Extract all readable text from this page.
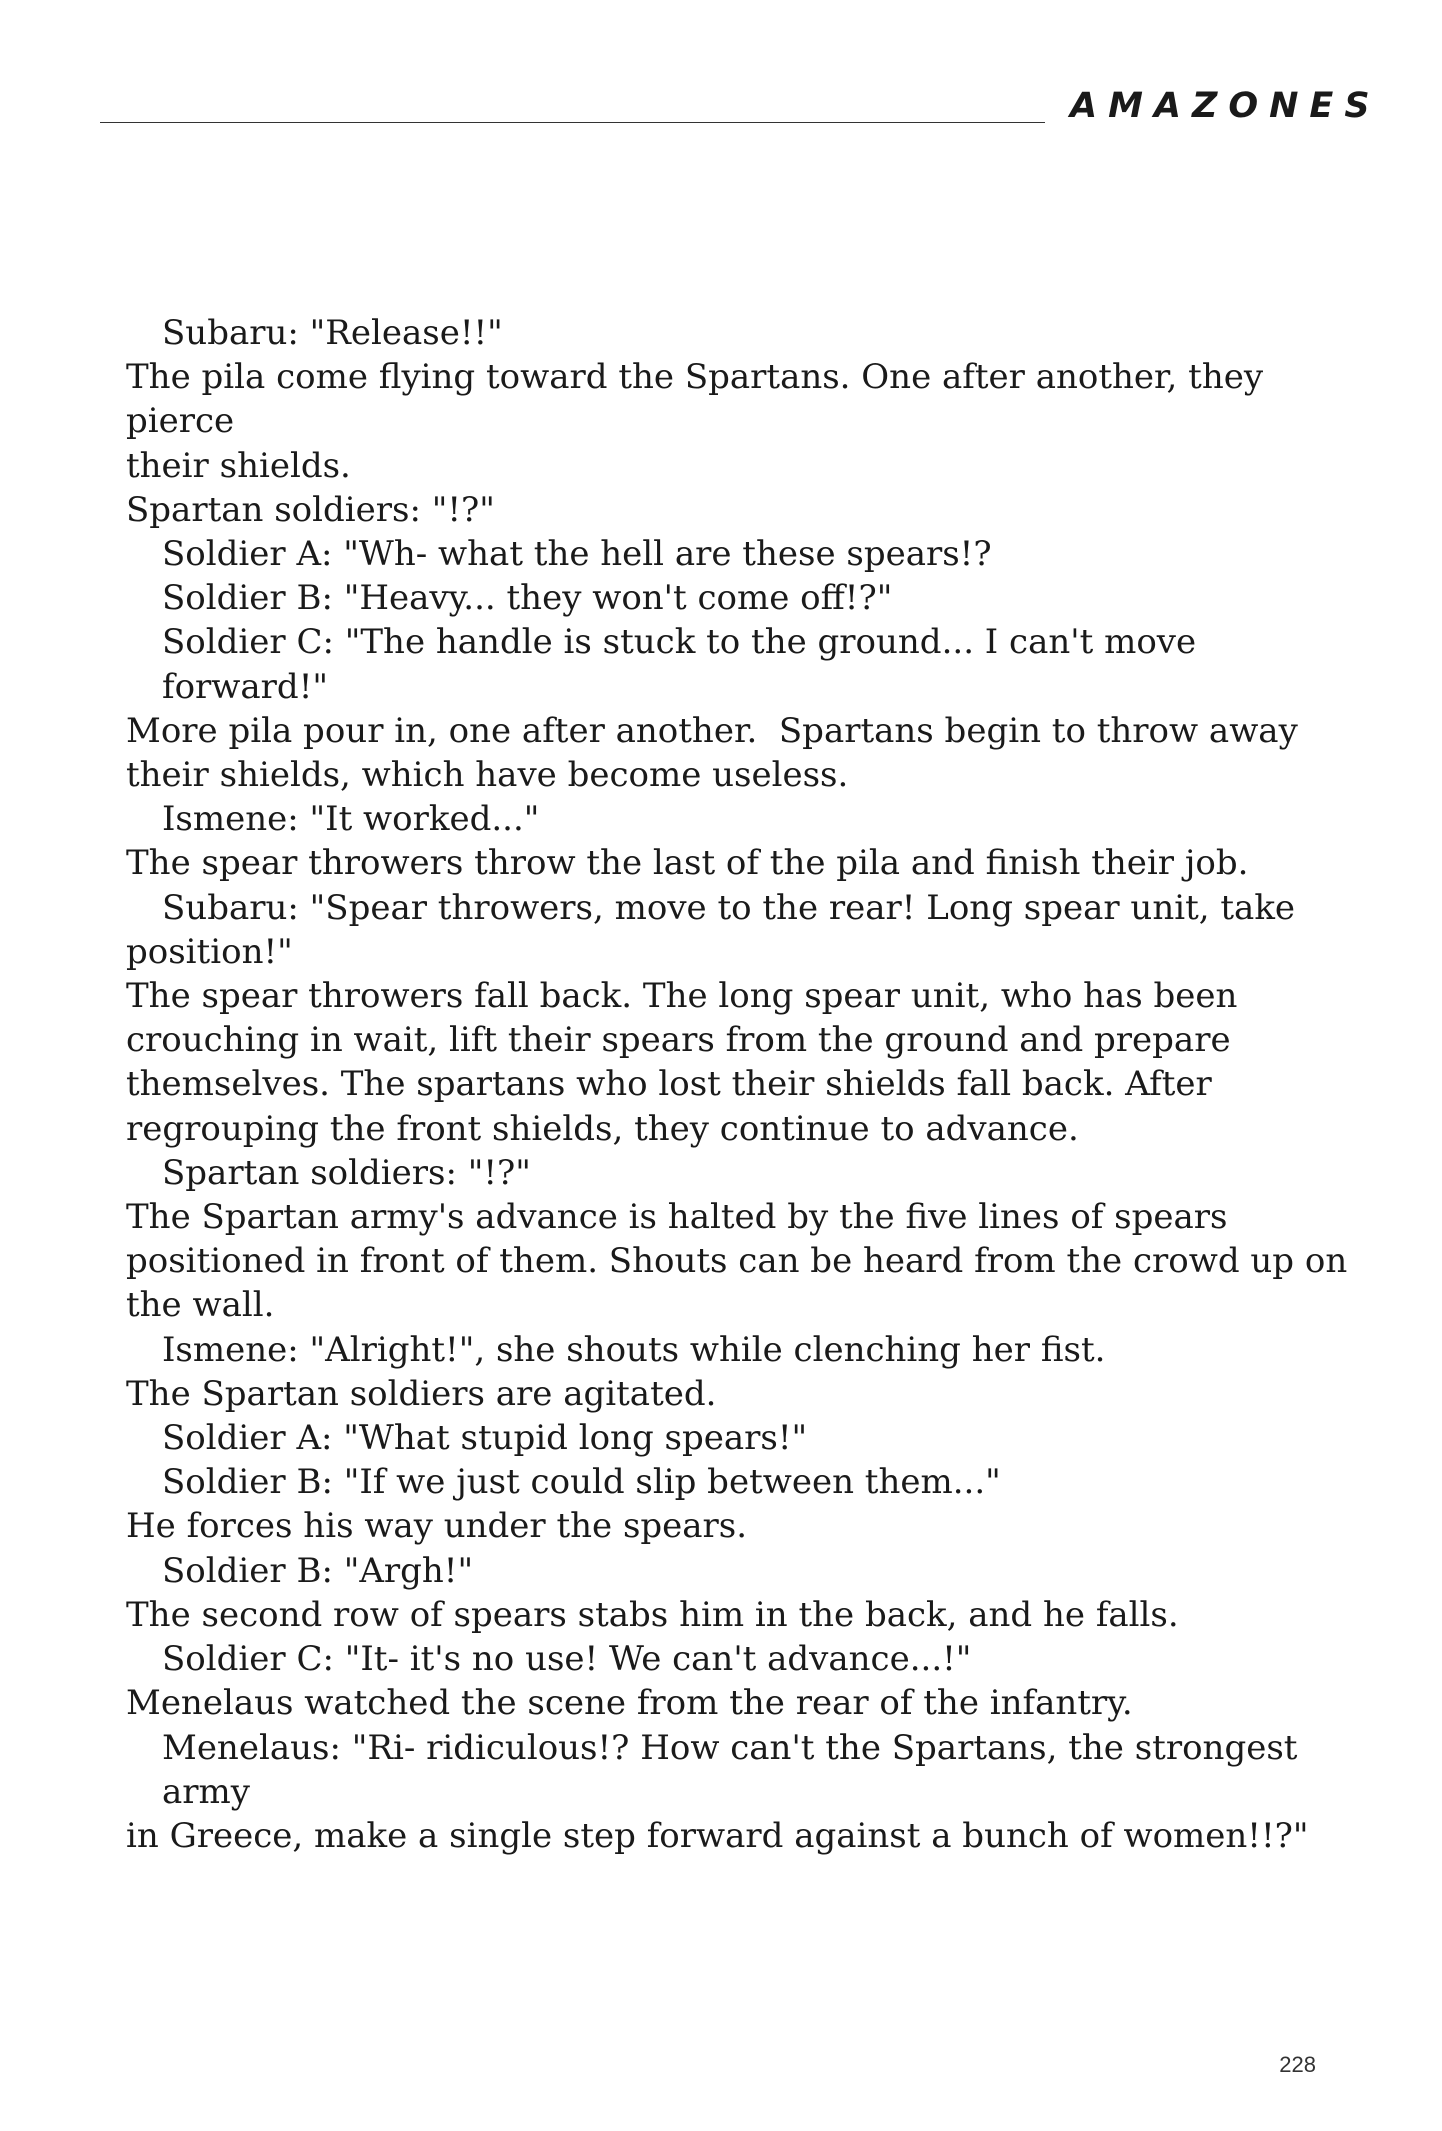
AMAZONES

Subaru: "Release!!"

The pila come flying toward the Spartans. One after another, they pierce

their shields.

Spartan soldiers: "!?"

Soldier A: "Wh- what the hell are these spears!?

Soldier B: "Heavy... they won't come off!?"

Soldier C: "The handle is stuck to the ground... I can't move forward!"

More pila pour in, one after another.  Spartans begin to throw away

their shields, which have become useless.

Ismene: "It worked..."

The spear throwers throw the last of the pila and finish their job.

Subaru: "Spear throwers, move to the rear! Long spear unit, take

position!"

The spear throwers fall back. The long spear unit, who has been

crouching in wait, lift their spears from the ground and prepare

themselves. The spartans who lost their shields fall back. After

regrouping the front shields, they continue to advance.

Spartan soldiers: "!?"

The Spartan army's advance is halted by the five lines of spears

positioned in front of them. Shouts can be heard from the crowd up on

the wall.

Ismene: "Alright!", she shouts while clenching her fist.

The Spartan soldiers are agitated.

Soldier A: "What stupid long spears!"

Soldier B: "If we just could slip between them..."

He forces his way under the spears.

Soldier B: "Argh!"

The second row of spears stabs him in the back, and he falls.

Soldier C: "It- it's no use! We can't advance...!"

Menelaus watched the scene from the rear of the infantry.

Menelaus: "Ri- ridiculous!? How can't the Spartans, the strongest army

in Greece, make a single step forward against a bunch of women!!?"

228
